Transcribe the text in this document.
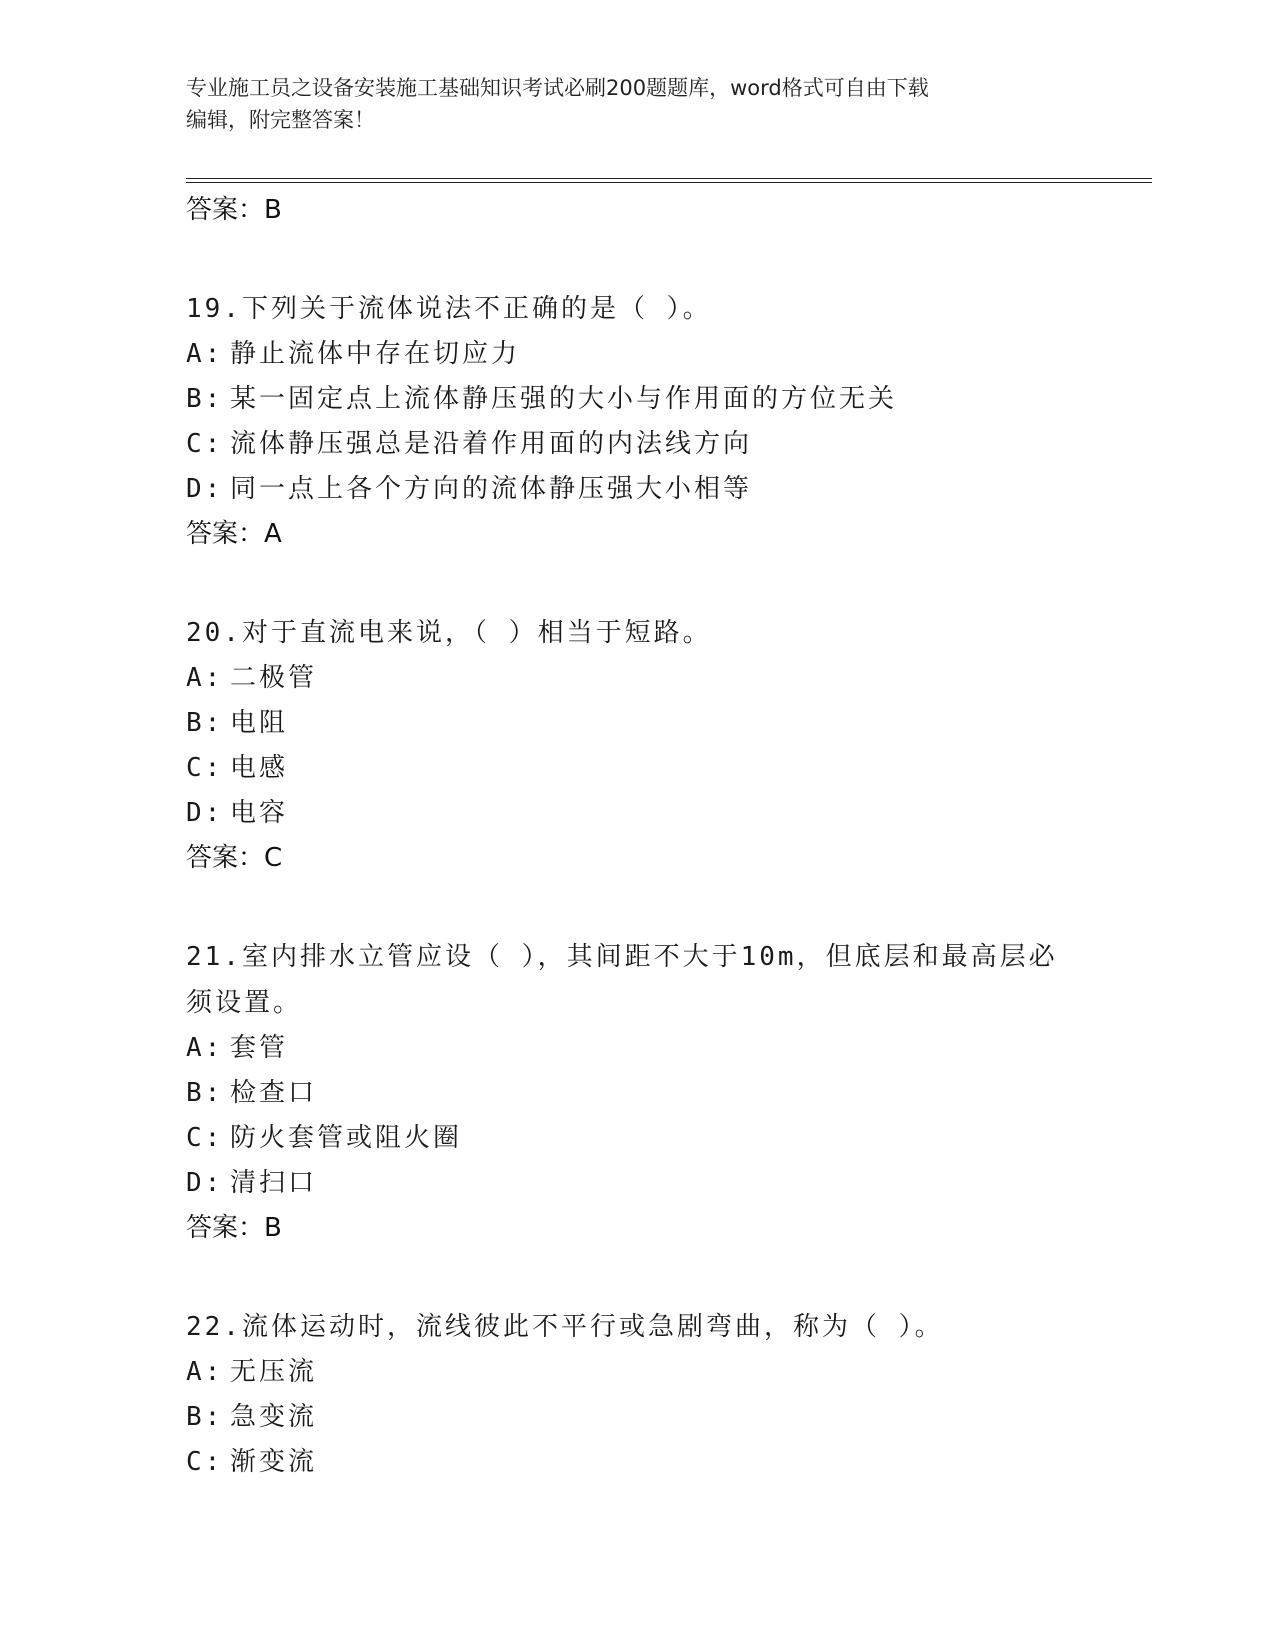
专业施工员之设备安装施工基础知识考试必刷200题题库，word格式可自由下载
编辑，附完整答案！
答案：B
19.下列关于流体说法不正确的是（ ）。
A: 静止流体中存在切应力
B: 某一固定点上流体静压强的大小与作用面的方位无关
C: 流体静压强总是沿着作用面的内法线方向
D: 同一点上各个方向的流体静压强大小相等
答案：A
20.对于直流电来说，（ ）相当于短路。
A: 二极管
B: 电阻
C: 电感
D: 电容
答案：C
21.室内排水立管应设（ ），其间距不大于10m，但底层和最高层必须设置。
A: 套管
B: 检查口
C: 防火套管或阻火圈
D: 清扫口
答案：B
22.流体运动时，流线彼此不平行或急剧弯曲，称为（ ）。
A: 无压流
B: 急变流
C: 渐变流
